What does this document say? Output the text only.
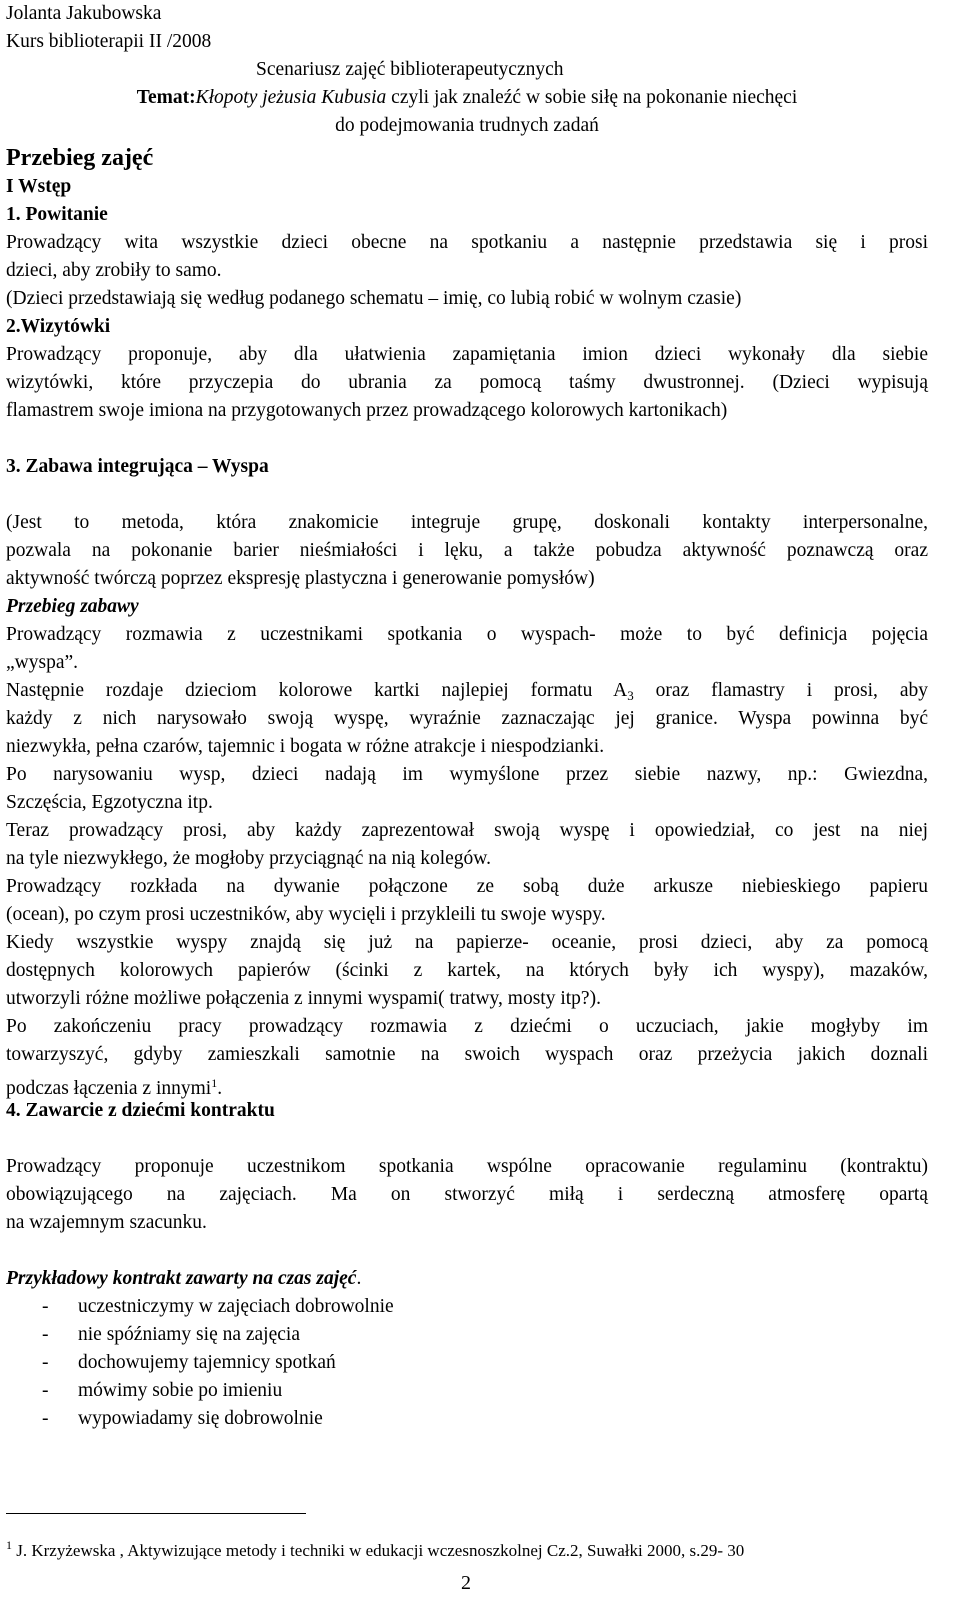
Jolanta Jakubowska
Kurs biblioterapii II /2008
Scenariusz zajęć biblioterapeutycznych
Temat:Kłopoty jeżusia Kubusia czyli jak znaleźć w sobie siłę na pokonanie niechęci
do podejmowania trudnych zadań
Przebieg zajęć
I Wstęp
1. Powitanie
Prowadzący wita wszystkie dzieci obecne na spotkaniu a następnie przedstawia się i prosi
dzieci, aby zrobiły to samo.
(Dzieci przedstawiają się według podanego schematu – imię, co lubią robić w wolnym czasie)
2.Wizytówki
Prowadzący proponuje, aby dla ułatwienia zapamiętania imion dzieci wykonały dla siebie
wizytówki, które przyczepia do ubrania za pomocą taśmy dwustronnej. (Dzieci wypisują
flamastrem swoje imiona na przygotowanych przez prowadzącego kolorowych kartonikach)
3. Zabawa integrująca – Wyspa
(Jest to metoda, która znakomicie integruje grupę, doskonali kontakty interpersonalne,
pozwala na pokonanie barier nieśmiałości i lęku, a także pobudza aktywność poznawczą oraz
aktywność twórczą poprzez ekspresję plastyczna i generowanie pomysłów)
Przebieg zabawy
Prowadzący rozmawia z uczestnikami spotkania o wyspach- może to być definicja pojęcia
„wyspa”.
Następnie rozdaje dzieciom kolorowe kartki najlepiej formatu $A_3$ oraz flamastry i prosi, aby
każdy z nich narysowało swoją wyspę, wyraźnie zaznaczając jej granice. Wyspa powinna być
niezwykła, pełna czarów, tajemnic i bogata w różne atrakcje i niespodzianki.
Po narysowaniu wysp, dzieci nadają im wymyślone przez siebie nazwy, np.: Gwiezdna,
Szczęścia, Egzotyczna itp.
Teraz prowadzący prosi, aby każdy zaprezentował swoją wyspę i opowiedział, co jest na niej
na tyle niezwykłego, że mogłoby przyciągnąć na nią kolegów.
Prowadzący rozkłada na dywanie połączone ze sobą duże arkusze niebieskiego papieru
(ocean), po czym prosi uczestników, aby wycięli i przykleili tu swoje wyspy.
Kiedy wszystkie wyspy znajdą się już na papierze- oceanie, prosi dzieci, aby za pomocą
dostępnych kolorowych papierów (ścinki z kartek, na których były ich wyspy), mazaków,
utworzyli różne możliwe połączenia z innymi wyspami( tratwy, mosty itp?).
Po zakończeniu pracy prowadzący rozmawia z dziećmi o uczuciach, jakie mogłyby im
towarzyszyć, gdyby zamieszkali samotnie na swoich wyspach oraz przeżycia jakich doznali
podczas łączenia z innymi$^1$.
4. Zawarcie z dziećmi kontraktu
Prowadzący proponuje uczestnikom spotkania wspólne opracowanie regulaminu (kontraktu)
obowiązującego na zajęciach. Ma on stworzyć miłą i serdeczną atmosferę opartą
na wzajemnym szacunku.
Przykładowy kontrakt zawarty na czas zajęć.
- uczestniczymy w zajęciach dobrowolnie
- nie spóźniamy się na zajęcia
- dochowujemy tajemnicy spotkań
- mówimy sobie po imieniu
- wypowiadamy się dobrowolnie
$^1$ J. Krzyżewska , Aktywizujące metody i techniki w edukacji wczesnoszkolnej Cz.2, Suwałki 2000, s.29- 30
2
